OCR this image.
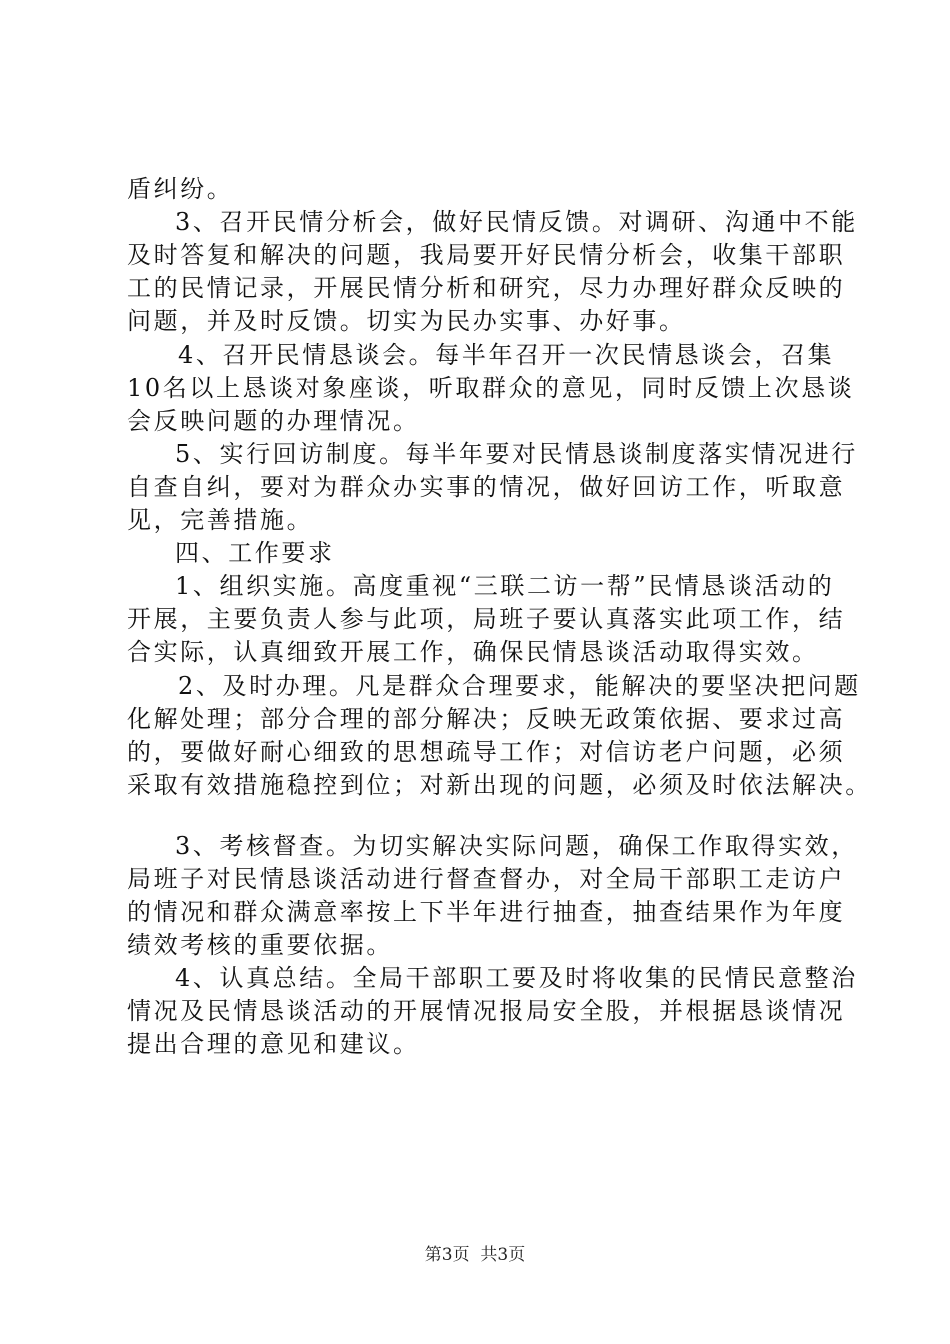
盾纠纷。
3、召开民情分析会，做好民情反馈。对调研、沟通中不能
及时答复和解决的问题，我局要开好民情分析会，收集干部职
工的民情记录，开展民情分析和研究，尽力办理好群众反映的
问题，并及时反馈。切实为民办实事、办好事。
4、召开民情恳谈会。每半年召开一次民情恳谈会，召集
10名以上恳谈对象座谈，听取群众的意见，同时反馈上次恳谈
会反映问题的办理情况。
5、实行回访制度。每半年要对民情恳谈制度落实情况进行
自查自纠，要对为群众办实事的情况，做好回访工作，听取意
见，完善措施。
四、工作要求
1、组织实施。高度重视“三联二访一帮”民情恳谈活动的
开展，主要负责人参与此项，局班子要认真落实此项工作，结
合实际，认真细致开展工作，确保民情恳谈活动取得实效。
2、及时办理。凡是群众合理要求，能解决的要坚决把问题
化解处理；部分合理的部分解决；反映无政策依据、要求过高
的，要做好耐心细致的思想疏导工作；对信访老户问题，必须
采取有效措施稳控到位；对新出现的问题，必须及时依法解决。
3、考核督查。为切实解决实际问题，确保工作取得实效，
局班子对民情恳谈活动进行督查督办，对全局干部职工走访户
的情况和群众满意率按上下半年进行抽查，抽查结果作为年度
绩效考核的重要依据。
4、认真总结。全局干部职工要及时将收集的民情民意整治
情况及民情恳谈活动的开展情况报局安全股，并根据恳谈情况
提出合理的意见和建议。
第3页  共3页
